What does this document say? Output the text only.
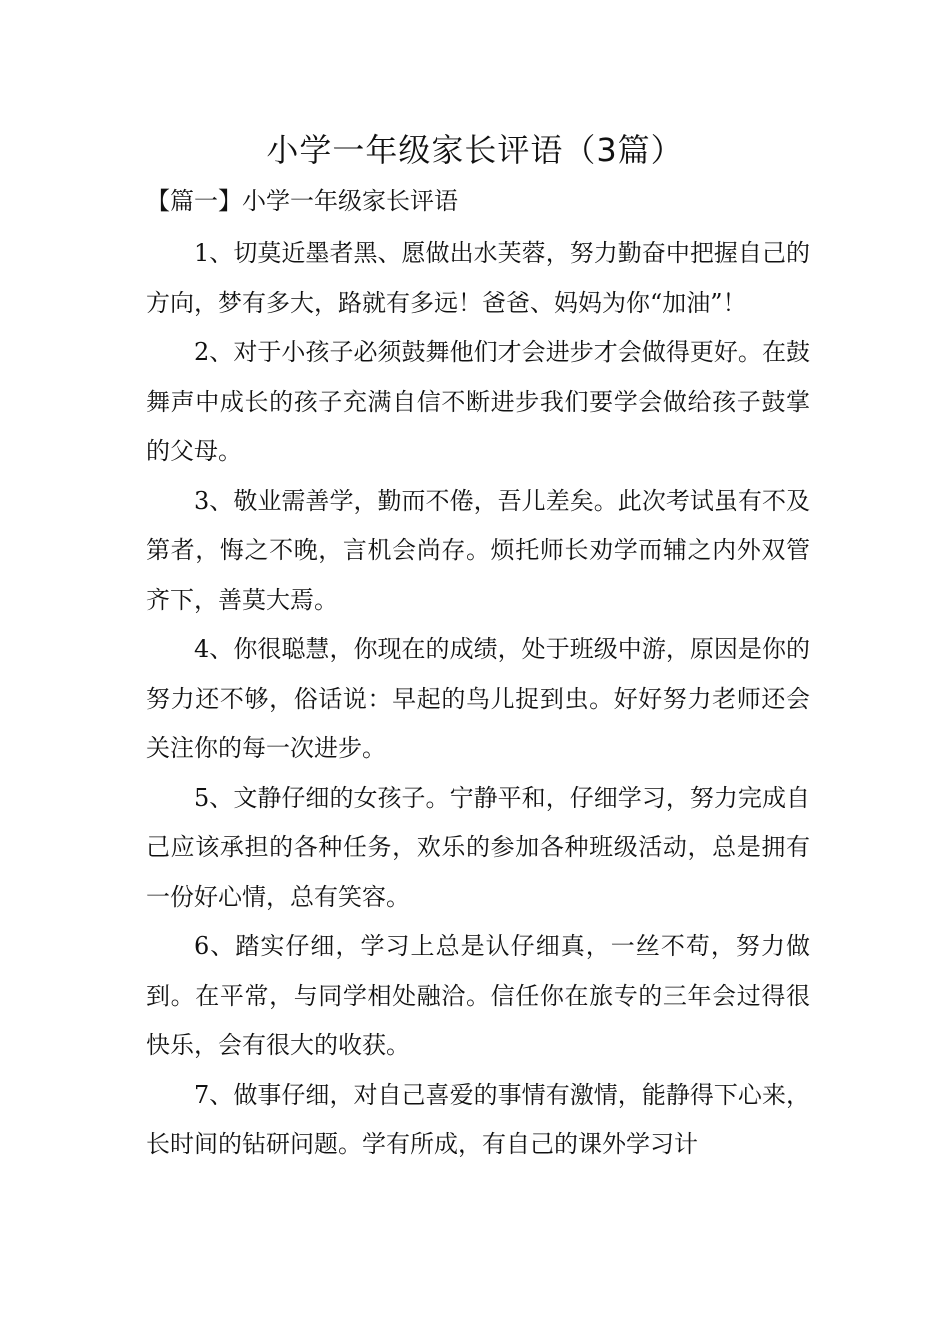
小学一年级家长评语（3篇）
【篇一】小学一年级家长评语

1、切莫近墨者黑、愿做出水芙蓉，努力勤奋中把握自己的方向，梦有多大，路就有多远！爸爸、妈妈为你“加油”！

2、对于小孩子必须鼓舞他们才会进步才会做得更好。在鼓舞声中成长的孩子充满自信不断进步我们要学会做给孩子鼓掌的父母。

3、敬业需善学，勤而不倦，吾儿差矣。此次考试虽有不及第者，悔之不晚，言机会尚存。烦托师长劝学而辅之内外双管齐下，善莫大焉。

4、你很聪慧，你现在的成绩，处于班级中游，原因是你的努力还不够，俗话说：早起的鸟儿捉到虫。好好努力老师还会关注你的每一次进步。

5、文静仔细的女孩子。宁静平和，仔细学习，努力完成自己应该承担的各种任务，欢乐的参加各种班级活动，总是拥有一份好心情，总有笑容。

6、踏实仔细，学习上总是认仔细真，一丝不苟，努力做到。在平常，与同学相处融洽。信任你在旅专的三年会过得很快乐，会有很大的收获。

7、做事仔细，对自己喜爱的事情有激情，能静得下心来，长时间的钻研问题。学有所成，有自己的课外学习计
